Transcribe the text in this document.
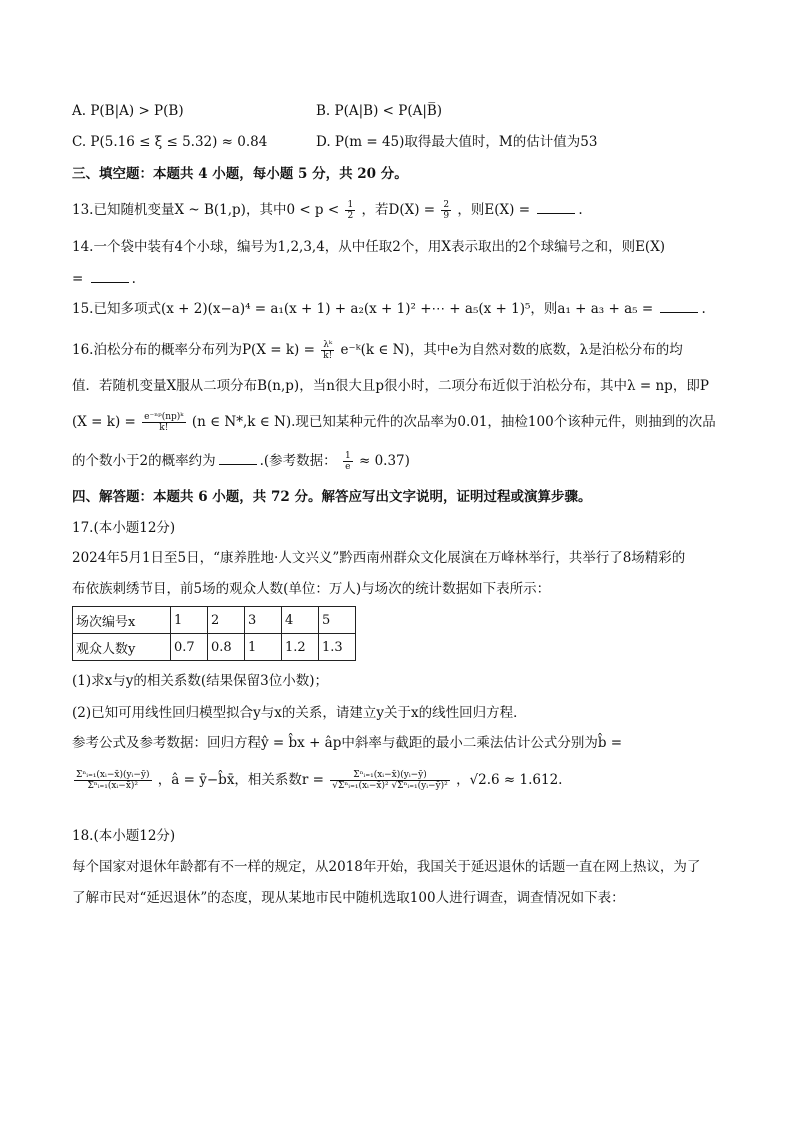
A. P(B|A) > P(B)	B. P(A|B) < P(A|B̅)
C. P(5.16 ≤ ξ ≤ 5.32) ≈ 0.84	D. P(m = 45)取得最大值时，M的估计值为53
三、填空题：本题共 4 小题，每小题 5 分，共 20 分。
13.已知随机变量X ~ B(1,p)，其中$0 < p < \frac{1}{2}$ ，若$D(X) = \frac{2}{9}$ ，则E(X) =	.
14.一个袋中装有4个小球，编号为1,2,3,4，从中任取2个，用X表示取出的2个球编号之和，则E(X)
=	.
15.已知多项式(x + 2)(x−a)⁴ = a₁(x + 1) + a₂(x + 1)² +⋯ + a₅(x + 1)⁵，则a₁ + a₃ + a₅ =	.
16.泊松分布的概率分布列为$P(X = k) = \frac{\text{λᵏ}}{k!}$ e⁻ᵏ(k ∈ N)，其中e为自然对数的底数，λ是泊松分布的均
值．若随机变量X服从二项分布B(n,p)，当n很大且p很小时，二项分布近似于泊松分布，其中λ = np，即P
$(X = k) = \frac{\text{e⁻ⁿᵖ(np)ᵏ}}{k!} (n$ ∈ N*,k ∈ N).现已知某种元件的次品率为0.01，抽检100个该种元件，则抽到的次品
的个数小于2的概率约为	.(参考数据： $\frac{1}{e} \approx 0.37$)
四、解答题：本题共 6 小题，共 72 分。解答应写出文字说明，证明过程或演算步骤。
17.(本小题12分)
2024年5月1日至5日，“康养胜地·人文兴义”黔西南州群众文化展演在万峰林举行，共举行了8场精彩的
布依族刺绣节目，前5场的观众人数(单位：万人)与场次的统计数据如下表所示：
场次编号x	1	2	3	4	5
观众人数y	0.7	0.8	1	1.2	1.3
(1)求x与y的相关系数(结果保留3位小数)；
(2)已知可用线性回归模型拟合y与x的关系，请建立y关于x的线性回归方程．
参考公式及参考数据：回归方程ŷ = b̂x + âp中斜率与截距的最小二乘法估计公式分别为b̂ =
$\frac{\text{Σⁿᵢ₌₁(xᵢ−x̄)(yᵢ−ȳ)}}{\text{Σⁿᵢ₌₁(xᵢ−x̄)²}}$ ，â = ȳ−b̂x̄，相关系数$r = \frac{\text{Σⁿᵢ₌₁(xᵢ−x̄)(yᵢ−ȳ)}}{\text{√Σⁿᵢ₌₁(xᵢ−x̄)² √Σⁿᵢ₌₁(yᵢ−ȳ)²}}$ ，√2.6 ≈ 1.612.
18.(本小题12分)
每个国家对退休年龄都有不一样的规定，从2018年开始，我国关于延迟退休的话题一直在网上热议，为了
了解市民对“延迟退休”的态度，现从某地市民中随机选取100人进行调查，调查情况如下表：
